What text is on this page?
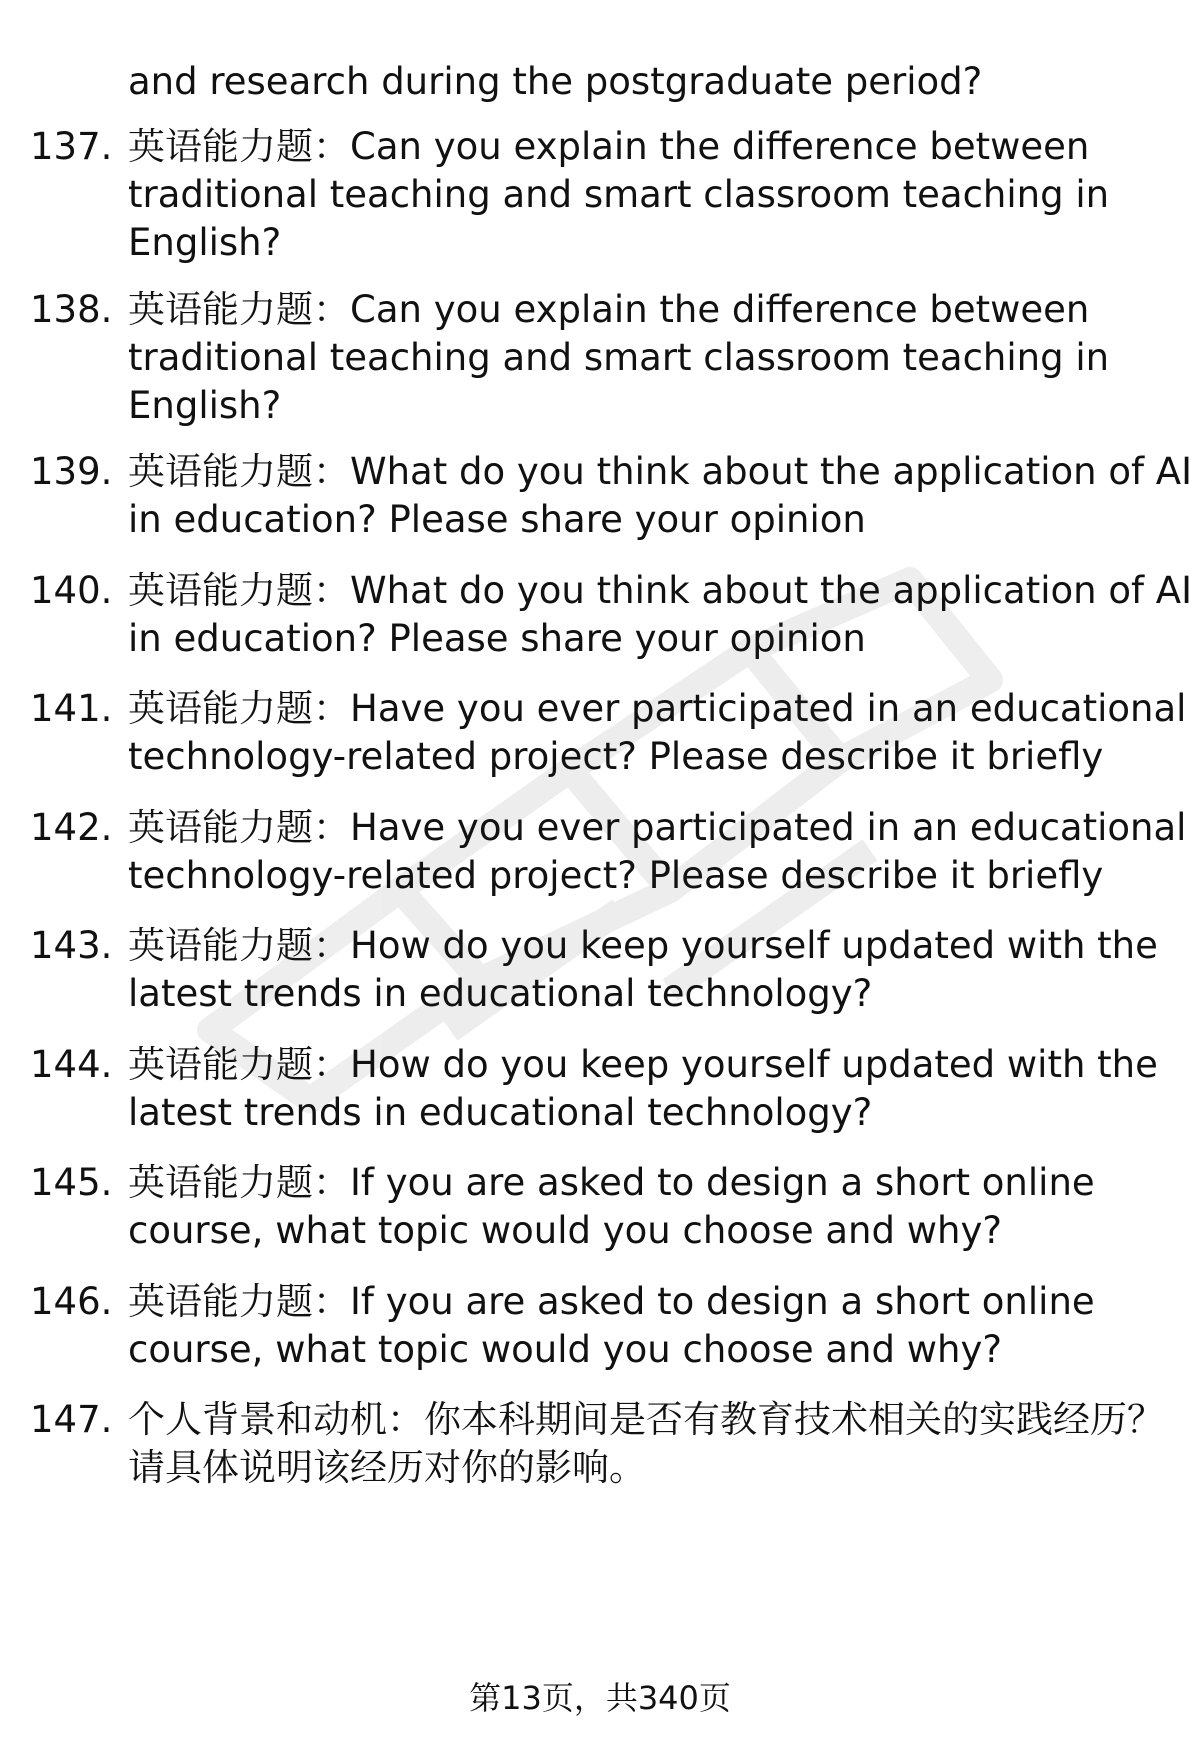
and research during the postgraduate period?
137. 英语能力题：Can you explain the difference between
traditional teaching and smart classroom teaching in
English?
138. 英语能力题：Can you explain the difference between
traditional teaching and smart classroom teaching in
English?
139. 英语能力题：What do you think about the application of AI
in education? Please share your opinion
140. 英语能力题：What do you think about the application of AI
in education? Please share your opinion
141. 英语能力题：Have you ever participated in an educational
technology-related project? Please describe it briefly
142. 英语能力题：Have you ever participated in an educational
technology-related project? Please describe it briefly
143. 英语能力题：How do you keep yourself updated with the
latest trends in educational technology?
144. 英语能力题：How do you keep yourself updated with the
latest trends in educational technology?
145. 英语能力题：If you are asked to design a short online
course, what topic would you choose and why?
146. 英语能力题：If you are asked to design a short online
course, what topic would you choose and why?
147. 个人背景和动机：你本科期间是否有教育技术相关的实践经历？
请具体说明该经历对你的影响。
第13页，共340页
